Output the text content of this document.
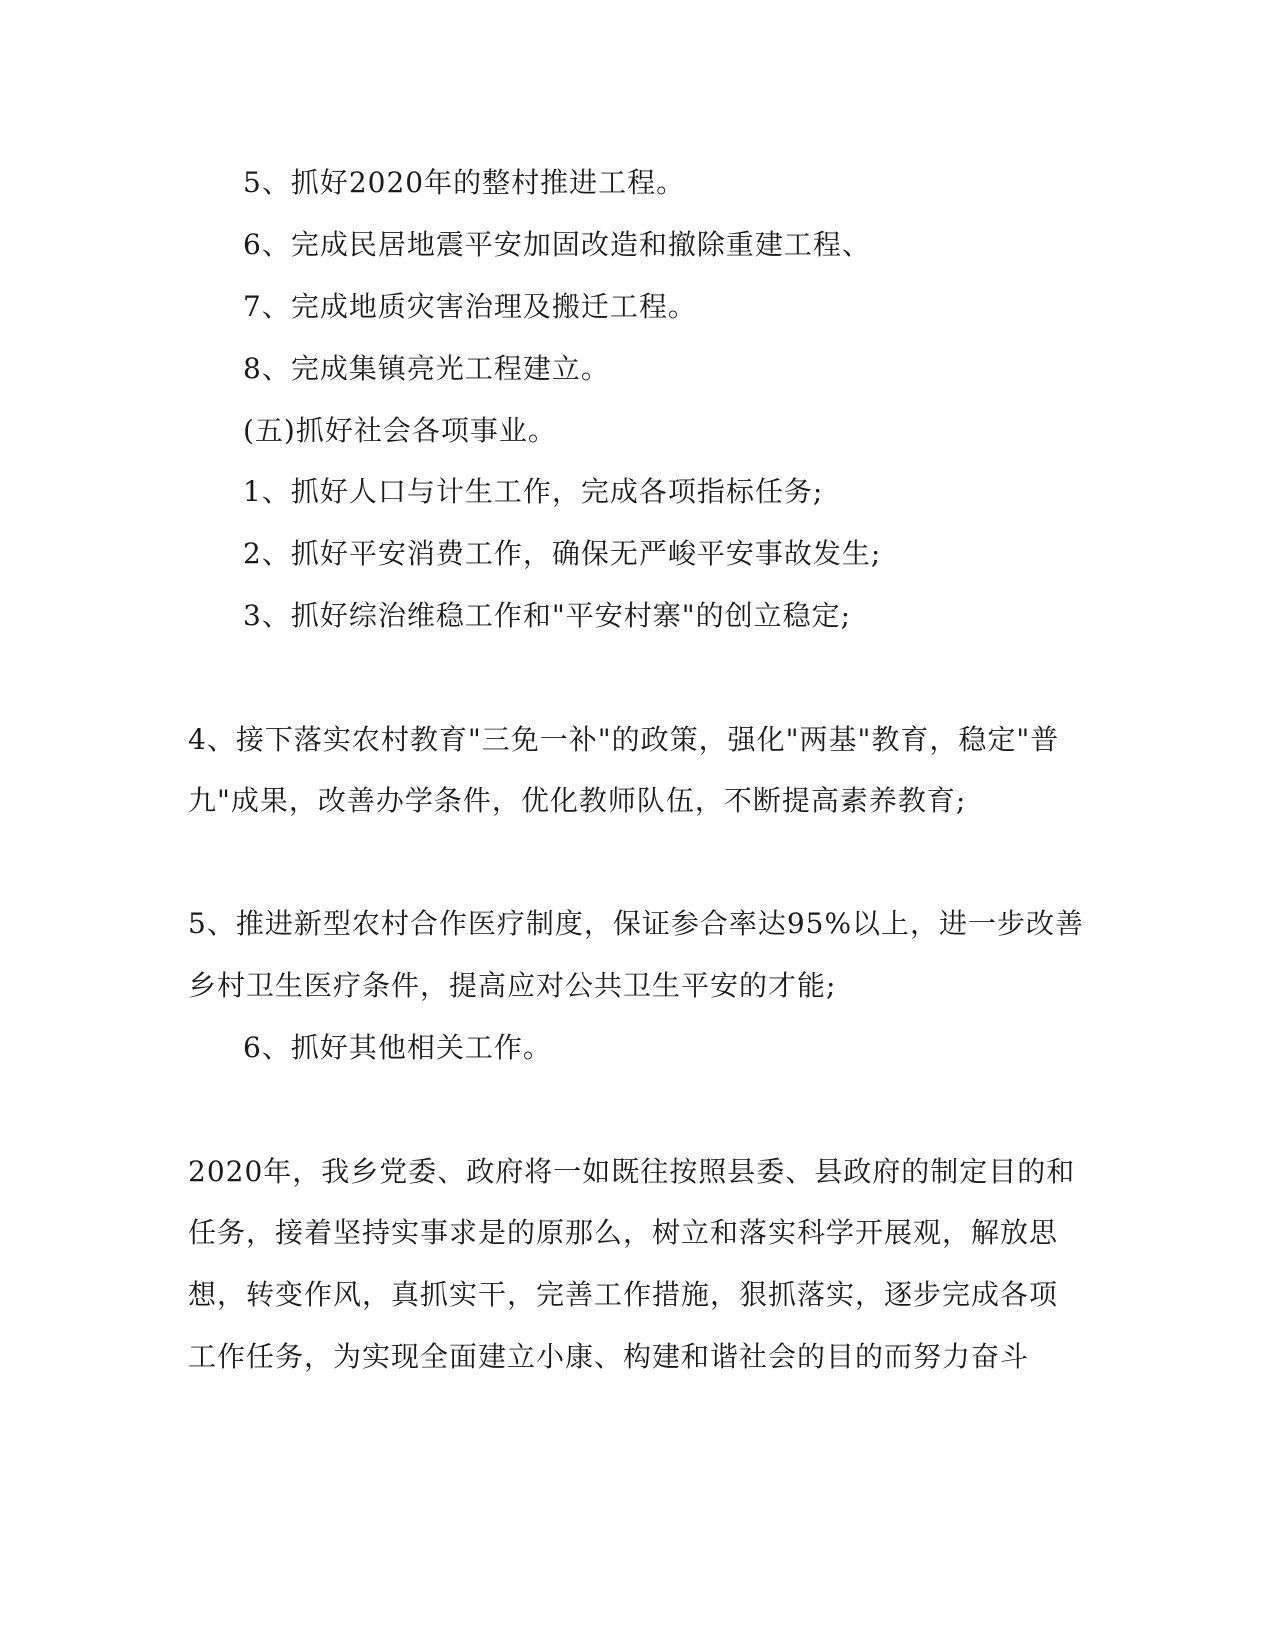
5、抓好2020年的整村推进工程。
6、完成民居地震平安加固改造和撤除重建工程、
7、完成地质灾害治理及搬迁工程。
8、完成集镇亮光工程建立。
(五)抓好社会各项事业。
1、抓好人口与计生工作，完成各项指标任务;
2、抓好平安消费工作，确保无严峻平安事故发生;
3、抓好综治维稳工作和"平安村寨"的创立稳定;
4、接下落实农村教育"三免一补"的政策，强化"两基"教育，稳定"普
九"成果，改善办学条件，优化教师队伍，不断提高素养教育;
5、推进新型农村合作医疗制度，保证参合率达95%以上，进一步改善
乡村卫生医疗条件，提高应对公共卫生平安的才能;
6、抓好其他相关工作。
2020年，我乡党委、政府将一如既往按照县委、县政府的制定目的和
任务，接着坚持实事求是的原那么，树立和落实科学开展观，解放思
想，转变作风，真抓实干，完善工作措施，狠抓落实，逐步完成各项
工作任务，为实现全面建立小康、构建和谐社会的目的而努力奋斗
